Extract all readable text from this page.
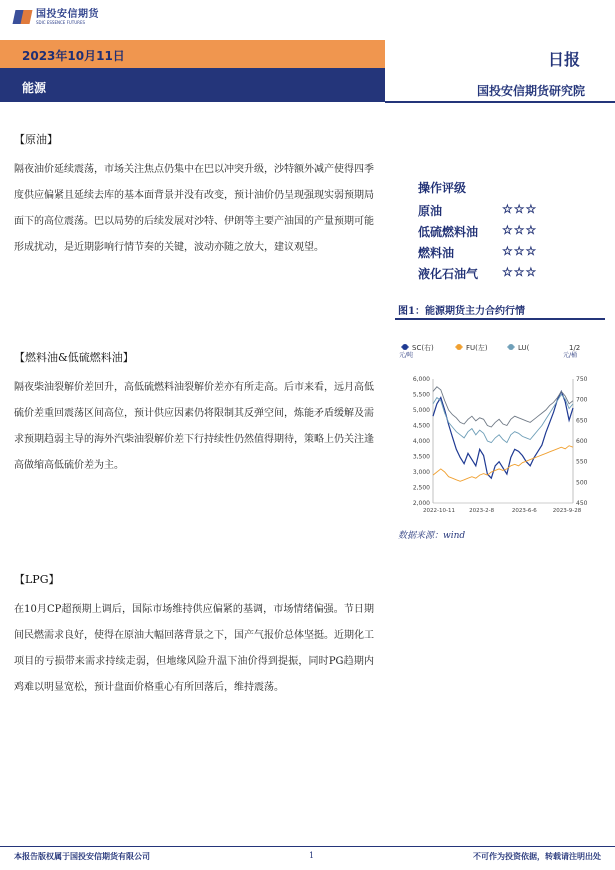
国投安信期货
SDIC ESSENCE FUTURES
2023年10月11日
能源
日报
国投安信期货研究院
【原油】
隔夜油价延续震荡，市场关注焦点仍集中在巴以冲突升级，沙特额外减产使得四季度供应偏紧且延续去库的基本面背景并没有改变，预计油价仍呈现强现实弱预期局面下的高位震荡。巴以局势的后续发展对沙特、伊朗等主要产油国的产量预期可能形成扰动，是近期影响行情节奏的关键，波动亦随之放大，建议观望。
【燃料油&低硫燃料油】
隔夜柴油裂解价差回升，高低硫燃料油裂解价差亦有所走高。后市来看，远月高低硫价差重回震荡区间高位，预计供应因素仍将限制其反弹空间，炼能矛盾缓解及需求预期趋弱主导的海外汽柴油裂解价差下行持续性仍然值得期待，策略上仍关注逢高做缩高低硫价差为主。
【LPG】
在10月CP超预期上调后，国际市场维持供应偏紧的基调，市场情绪偏强。节日期间民燃需求良好，使得在原油大幅回落背景之下，国产气报价总体坚挺。近期化工项目的亏损带来需求持续走弱，但地缘风险升温下油价得到提振，同时PG趋期内鸡难以明显宽松，预计盘面价格重心有所回落后，维持震荡。
操作评级
原油	☆☆☆
低硫燃料油	☆☆☆
燃料油	☆☆☆
液化石油气	☆☆☆
图1：能源期货主力合约行情
SC(右)	FU(左)	LU(	1/2
元/吨	元/桶
6,000
5,500
5,000
4,500
4,000
3,500
3,000
2,500
2,000
750
700
650
600
550
500
450
2022-10-11	2023-2-8	2023-6-6	2023-9-28
数据来源：wind
本报告版权属于国投安信期货有限公司	1	不可作为投资依据，转载请注明出处
